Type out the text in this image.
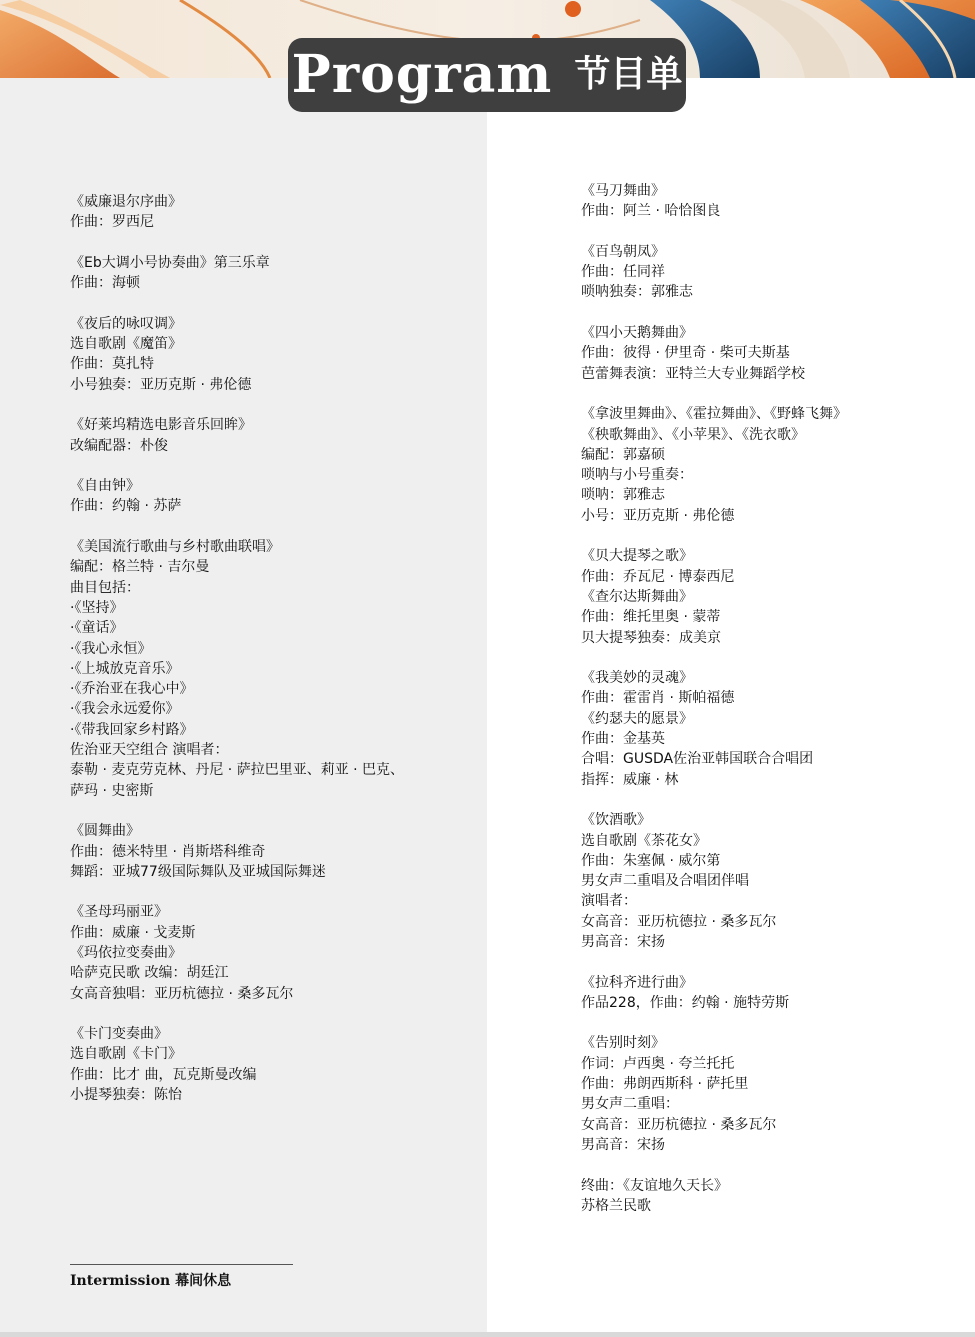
Program 节目单
《威廉退尔序曲》
作曲：罗西尼
《Eb大调小号协奏曲》第三乐章
作曲：海顿
《夜后的咏叹调》
选自歌剧《魔笛》
作曲：莫扎特
小号独奏：亚历克斯 · 弗伦德
《好莱坞精选电影音乐回眸》
改编配器：朴俊
《自由钟》
作曲：约翰 · 苏萨
《美国流行歌曲与乡村歌曲联唱》
编配：格兰特 · 吉尔曼
曲目包括：
·《坚持》
·《童话》
·《我心永恒》
·《上城放克音乐》
·《乔治亚在我心中》
·《我会永远爱你》
·《带我回家乡村路》
佐治亚天空组合 演唱者：
泰勒 · 麦克劳克林、丹尼 · 萨拉巴里亚、莉亚 · 巴克、
萨玛 · 史密斯
《圆舞曲》
作曲：德米特里 · 肖斯塔科维奇
舞蹈：亚城77级国际舞队及亚城国际舞迷
《圣母玛丽亚》
作曲：威廉 · 戈麦斯
《玛依拉变奏曲》
哈萨克民歌 改编：胡廷江
女高音独唱：亚历杭德拉 · 桑多瓦尔
《卡门变奏曲》
选自歌剧《卡门》
作曲：比才 曲，瓦克斯曼改编
小提琴独奏：陈怡
《马刀舞曲》
作曲：阿兰 · 哈恰图良
《百鸟朝凤》
作曲：任同祥
唢呐独奏：郭雅志
《四小天鹅舞曲》
作曲：彼得 · 伊里奇 · 柴可夫斯基
芭蕾舞表演：亚特兰大专业舞蹈学校
《拿波里舞曲》、《霍拉舞曲》、《野蜂飞舞》
《秧歌舞曲》、《小苹果》、《洗衣歌》
编配：郭嘉硕
唢呐与小号重奏：
唢呐：郭雅志
小号：亚历克斯 · 弗伦德
《贝大提琴之歌》
作曲：乔瓦尼 · 博泰西尼
《查尔达斯舞曲》
作曲：维托里奥 · 蒙蒂
贝大提琴独奏：成美京
《我美妙的灵魂》
作曲：霍雷肖 · 斯帕福德
《约瑟夫的愿景》
作曲：金基英
合唱：GUSDA佐治亚韩国联合合唱团
指挥：威廉 · 林
《饮酒歌》
选自歌剧《茶花女》
作曲：朱塞佩 · 威尔第
男女声二重唱及合唱团伴唱
演唱者：
女高音：亚历杭德拉 · 桑多瓦尔
男高音：宋扬
《拉科齐进行曲》
作品228，作曲：约翰 · 施特劳斯
《告别时刻》
作词：卢西奥 · 夸兰托托
作曲：弗朗西斯科 · 萨托里
男女声二重唱：
女高音：亚历杭德拉 · 桑多瓦尔
男高音：宋扬
终曲：《友谊地久天长》
苏格兰民歌
Intermission 幕间休息
